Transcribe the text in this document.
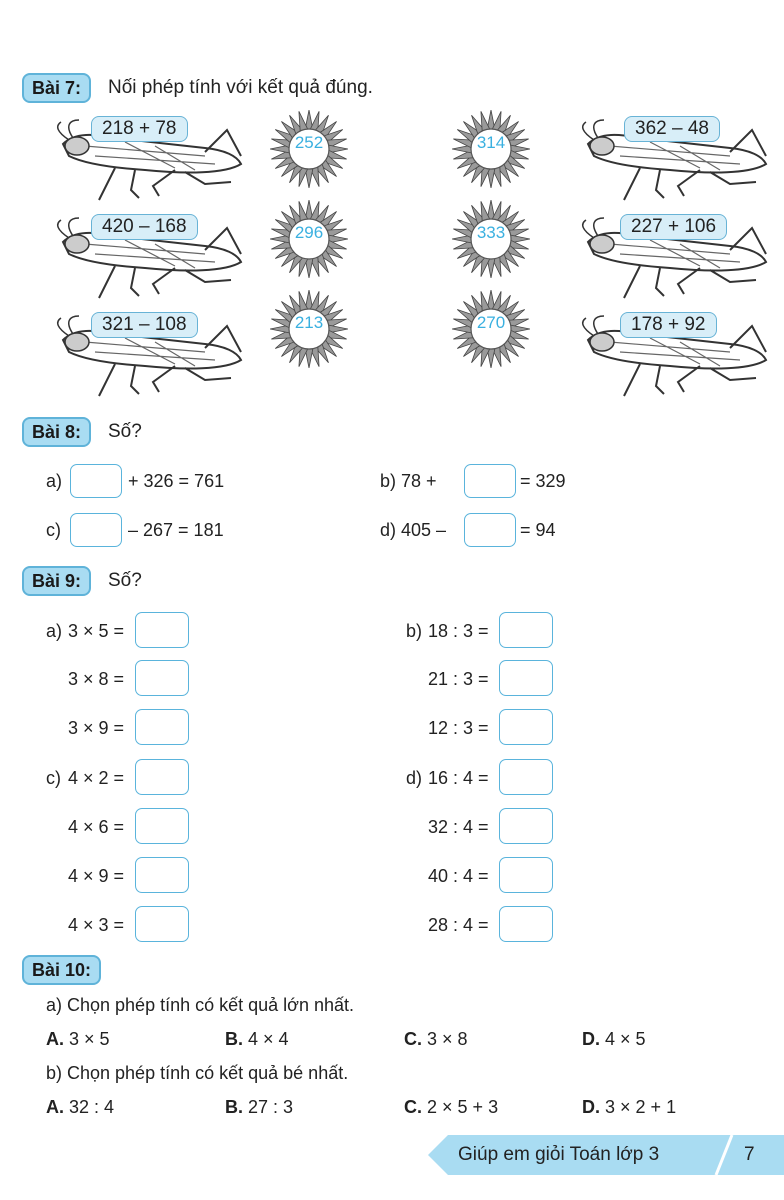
Bài 7:	Nối phép tính với kết quả đúng.
218 + 78
420 – 168
321 – 108
362 – 48
227 + 106
178 + 92
252	314
296	333
213	270
Bài 8:	Số?
a)	+ 326 = 761	b) 78 +	= 329
c)	– 267 = 181	d) 405 –	= 94
Bài 9:	Số?
a) 3 × 5 =
3 × 8 =
3 × 9 =
b) 18 : 3 =
21 : 3 =
12 : 3 =
c) 4 × 2 =
4 × 6 =
4 × 9 =
4 × 3 =
d) 16 : 4 =
32 : 4 =
40 : 4 =
28 : 4 =
Bài 10:
a) Chọn phép tính có kết quả lớn nhất.
A. 3 × 5	B. 4 × 4	C. 3 × 8	D. 4 × 5
b) Chọn phép tính có kết quả bé nhất.
A. 32 : 4	B. 27 : 3	C. 2 × 5 + 3	D. 3 × 2 + 1
Giúp em giỏi Toán lớp 3	7
